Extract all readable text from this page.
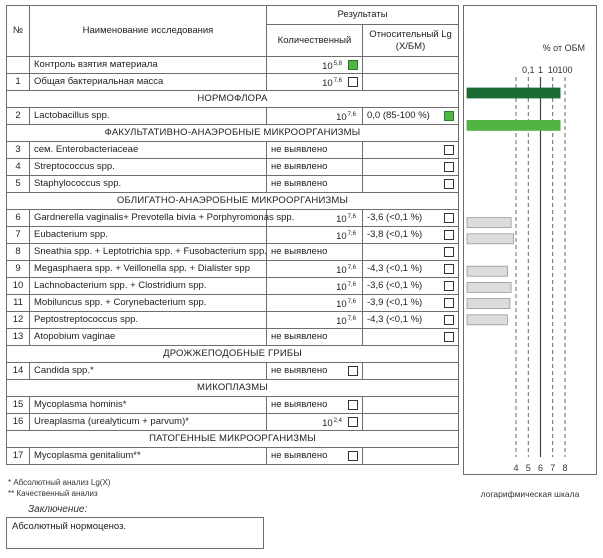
№	Наименование исследования	Результаты	
		Количественный	Относительный Lg (X/БМ)
	Контроль взятия материала	10$^{5,8}$

1	Общая бактериальная масса	10$^{7,6}$

НОРМОФЛОРА			
2	Lactobacillus spp.	10$^{7,6}$	0,0 (85-100 %)

ФАКУЛЬТАТИВНО-АНАЭРОБНЫЕ МИКРООРГАНИЗМЫ			
3	сем. Enterobacteriaceae	не выявлено	

4	Streptococcus spp.	не выявлено	

5	Staphylococcus spp.	не выявлено	

ОБЛИГАТНО-АНАЭРОБНЫЕ МИКРООРГАНИЗМЫ			
6	Gardnerella vaginalis+ Prevotella bivia + Porphyromonas spp.	10$^{7,6}$	-3,6 (<0,1 %)

7	Eubacterium spp.	10$^{7,6}$	-3,8 (<0,1 %)

8	Sneathia spp. + Leptotrichia spp. + Fusobacterium spp.	не выявлено	

9	Megasphaera spp. + Veillonella spp. + Dialister spp	10$^{7,6}$	-4,3 (<0,1 %)

10	Lachnobacterium spp. + Clostridium spp.	10$^{7,6}$	-3,6 (<0,1 %)

11	Mobiluncus spp. + Corynebacterium spp.	10$^{7,6}$	-3,9 (<0,1 %)

12	Peptostreptococcus spp.	10$^{7,6}$	-4,3 (<0,1 %)

13	Atopobium vaginae	не выявлено	

ДРОЖЖЕПОДОБНЫЕ ГРИБЫ			
14	Candida spp.*	не выявлено	

МИКОПЛАЗМЫ			
15	Mycoplasma hominis*	не выявлено	

16	Ureaplasma (urealyticum + parvum)*	10$^{2,4}$

ПАТОГЕННЫЕ МИКРООРГАНИЗМЫ			
17	Mycoplasma genitalium**	не выявлено	

% от ОБМ
0,1 1 10 100
4 5 6 7 8
логарифмическая шкала
* Абсолютный анализ Lg(X)
** Качественный анализ
Заключение:
Абсолютный нормоценоз.
